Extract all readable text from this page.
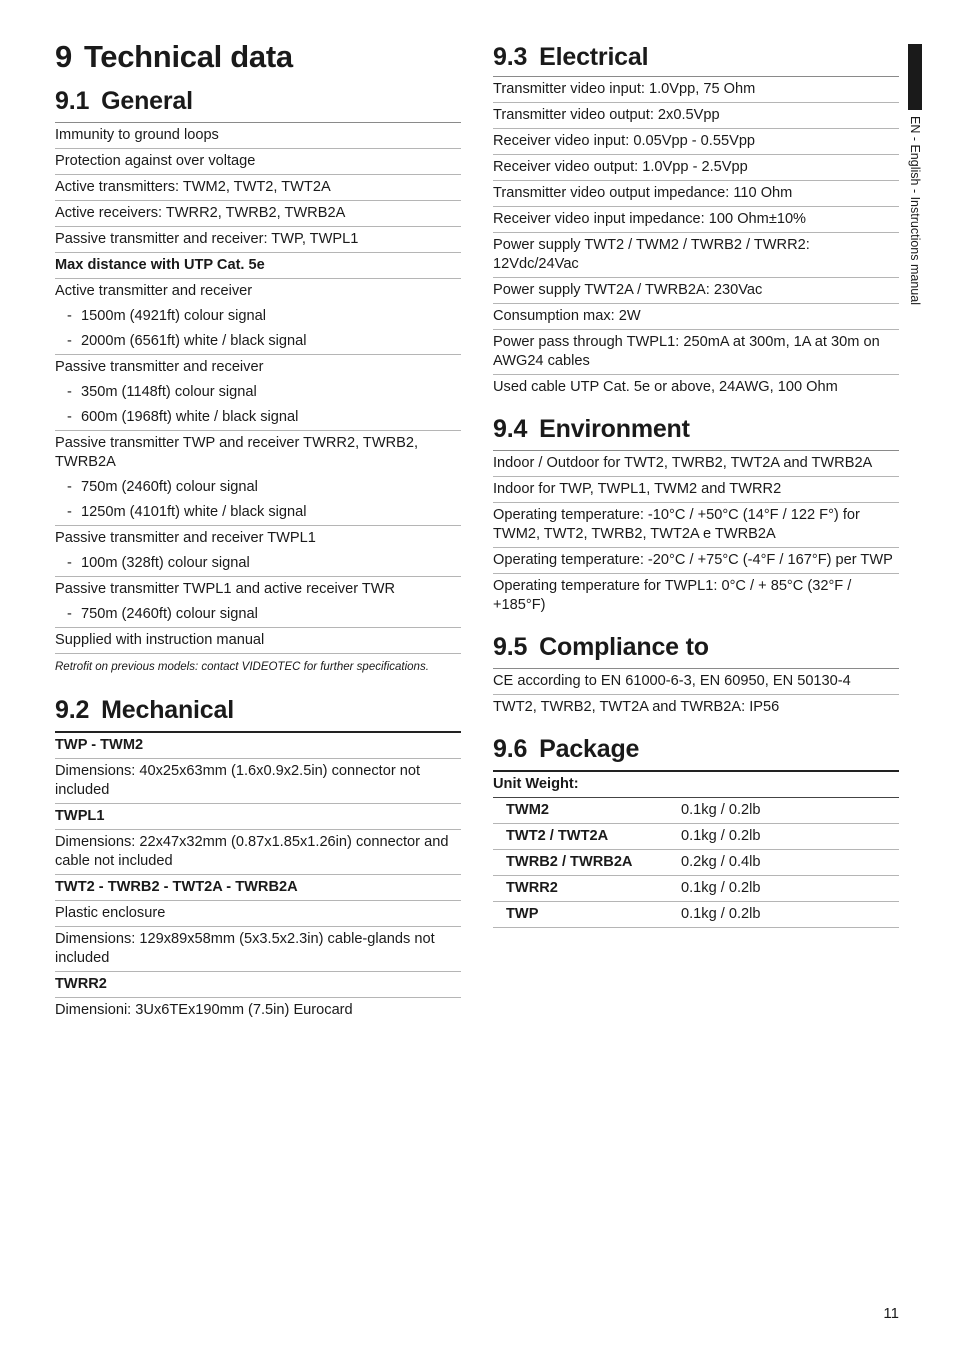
9 Technical data
9.1 General
Immunity to ground loops
Protection against over voltage
Active transmitters: TWM2, TWT2, TWT2A
Active receivers: TWRR2, TWRB2, TWRB2A
Passive transmitter and receiver: TWP, TWPL1
Max distance with UTP Cat. 5e
Active transmitter and receiver
- 1500m (4921ft) colour signal
- 2000m (6561ft) white / black signal
Passive transmitter and receiver
- 350m (1148ft) colour signal
- 600m (1968ft) white / black signal
Passive transmitter TWP and receiver TWRR2, TWRB2, TWRB2A
- 750m (2460ft) colour signal
- 1250m (4101ft) white / black signal
Passive transmitter and receiver TWPL1
- 100m (328ft) colour signal
Passive transmitter TWPL1 and active receiver TWR
- 750m (2460ft) colour signal
Supplied with instruction manual
Retrofit on previous models: contact VIDEOTEC for further specifications.
9.2 Mechanical
TWP - TWM2
Dimensions: 40x25x63mm (1.6x0.9x2.5in) connector not included
TWPL1
Dimensions: 22x47x32mm (0.87x1.85x1.26in) connector and cable not included
TWT2 - TWRB2 - TWT2A - TWRB2A
Plastic enclosure
Dimensions: 129x89x58mm (5x3.5x2.3in) cable-glands not included
TWRR2
Dimensioni: 3Ux6TEx190mm (7.5in) Eurocard
9.3 Electrical
Transmitter video input: 1.0Vpp, 75 Ohm
Transmitter video output: 2x0.5Vpp
Receiver video input: 0.05Vpp - 0.55Vpp
Receiver video output: 1.0Vpp - 2.5Vpp
Transmitter video output impedance: 110 Ohm
Receiver video input impedance: 100 Ohm±10%
Power supply TWT2 / TWM2 / TWRB2 / TWRR2: 12Vdc/24Vac
Power supply TWT2A / TWRB2A: 230Vac
Consumption max: 2W
Power pass through TWPL1: 250mA at 300m, 1A at 30m on AWG24 cables
Used cable UTP Cat. 5e or above, 24AWG, 100 Ohm
9.4 Environment
Indoor / Outdoor for TWT2, TWRB2, TWT2A and TWRB2A
Indoor for TWP, TWPL1, TWM2 and TWRR2
Operating temperature: -10°C / +50°C (14°F / 122 F°) for TWM2, TWT2, TWRB2, TWT2A e TWRB2A
Operating temperature: -20°C / +75°C (-4°F / 167°F) per TWP
Operating temperature for TWPL1: 0°C / + 85°C (32°F / +185°F)
9.5 Compliance to
CE according to EN 61000-6-3, EN 60950, EN 50130-4
TWT2, TWRB2, TWT2A and TWRB2A: IP56
9.6 Package
Unit Weight:
TWM2	0.1kg / 0.2lb
TWT2 / TWT2A	0.1kg / 0.2lb
TWRB2 / TWRB2A	0.2kg / 0.4lb
TWRR2	0.1kg / 0.2lb
TWP	0.1kg / 0.2lb
EN - English - Instructions manual
11
